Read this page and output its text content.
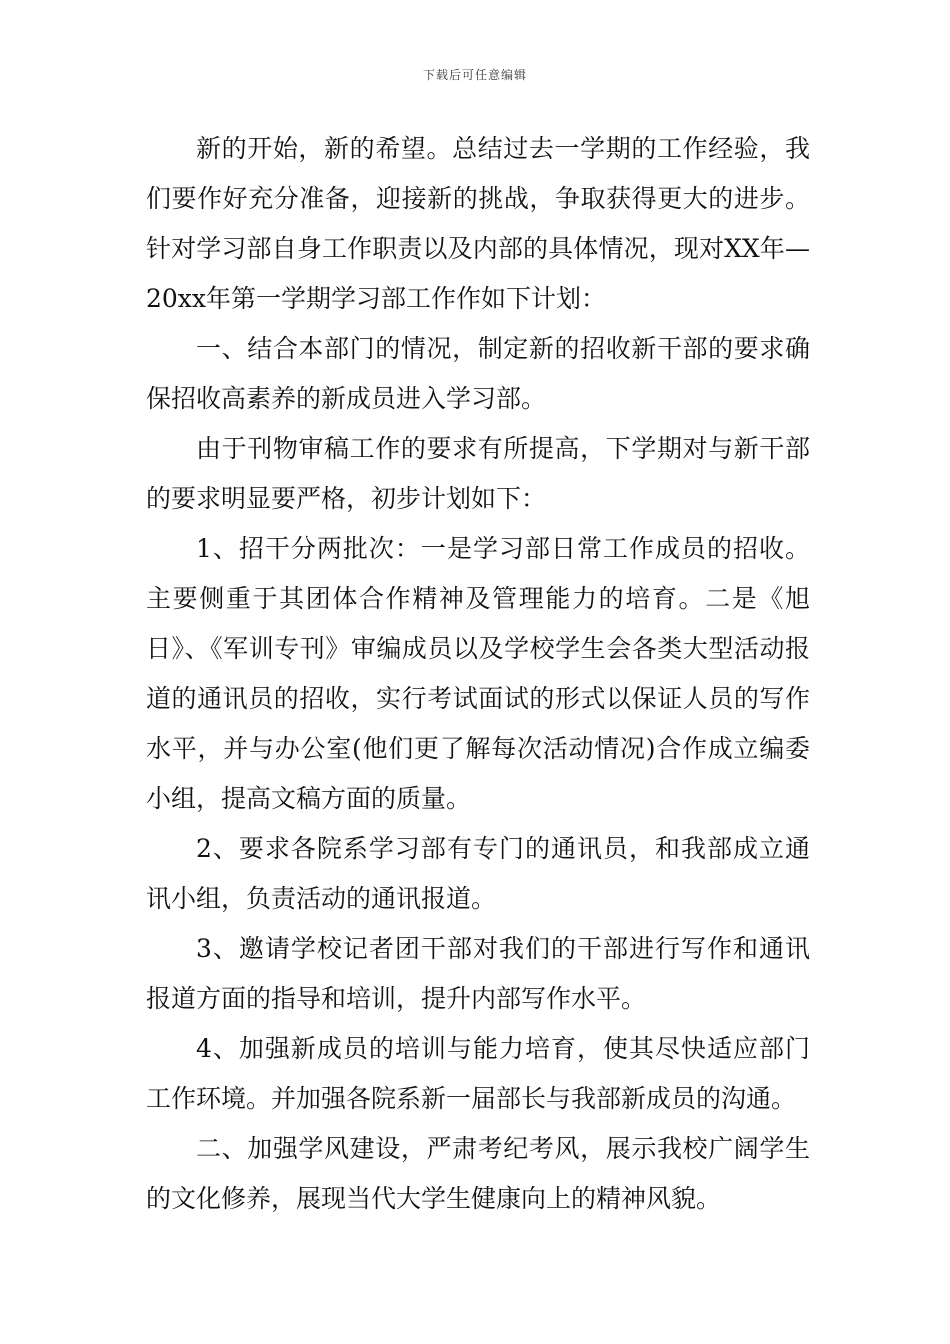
下载后可任意编辑

新的开始，新的希望。总结过去一学期的工作经验，我们要作好充分准备，迎接新的挑战，争取获得更大的进步。针对学习部自身工作职责以及内部的具体情况，现对XX年—20xx年第一学期学习部工作作如下计划：

一、结合本部门的情况，制定新的招收新干部的要求确保招收高素养的新成员进入学习部。

由于刊物审稿工作的要求有所提高，下学期对与新干部的要求明显要严格，初步计划如下：

1、招干分两批次：一是学习部日常工作成员的招收。主要侧重于其团体合作精神及管理能力的培育。二是《旭日》、《军训专刊》审编成员以及学校学生会各类大型活动报道的通讯员的招收，实行考试面试的形式以保证人员的写作水平，并与办公室(他们更了解每次活动情况)合作成立编委小组，提高文稿方面的质量。

2、要求各院系学习部有专门的通讯员，和我部成立通讯小组，负责活动的通讯报道。

3、邀请学校记者团干部对我们的干部进行写作和通讯报道方面的指导和培训，提升内部写作水平。

4、加强新成员的培训与能力培育，使其尽快适应部门工作环境。并加强各院系新一届部长与我部新成员的沟通。

二、加强学风建设，严肃考纪考风，展示我校广阔学生的文化修养，展现当代大学生健康向上的精神风貌。
